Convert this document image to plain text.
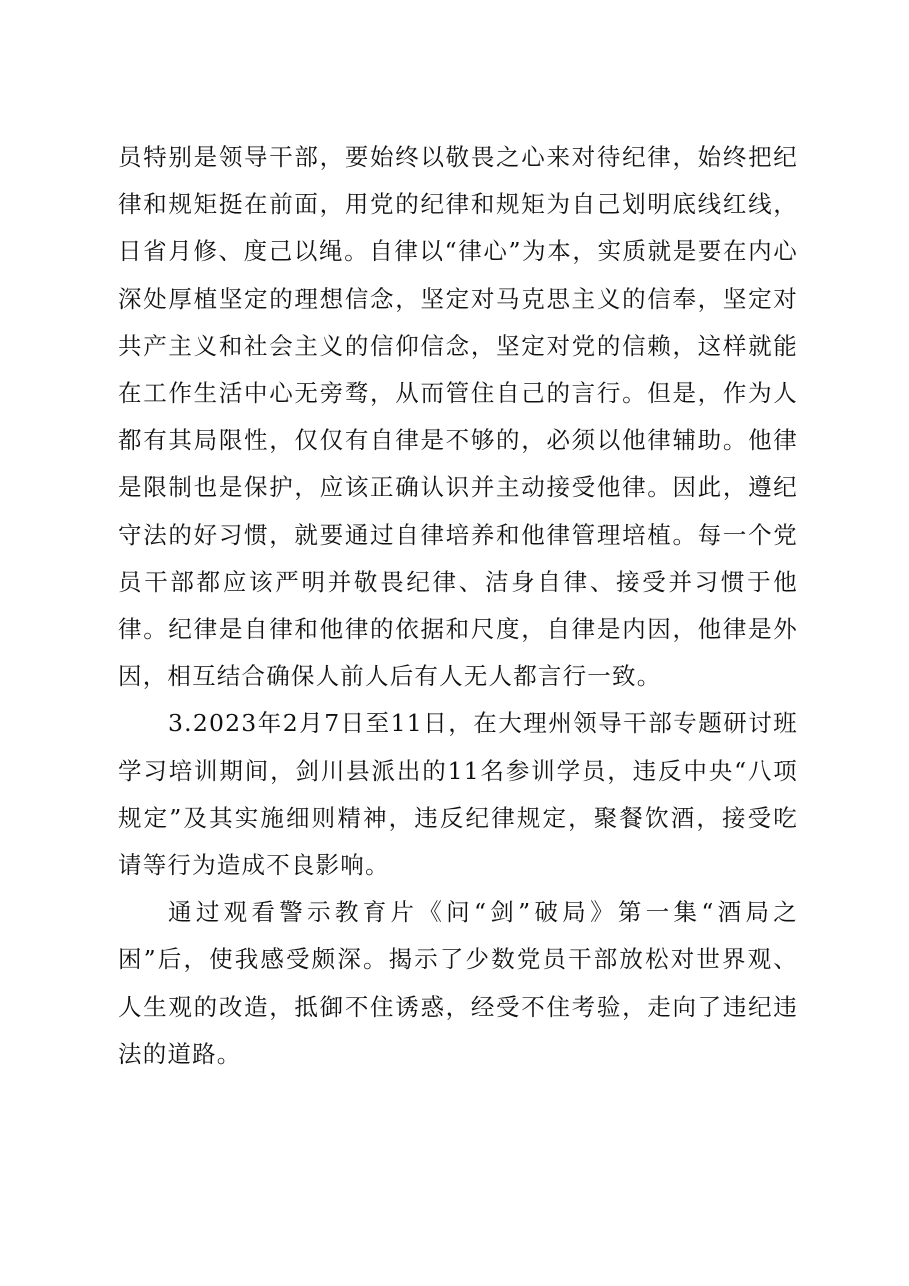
员特别是领导干部，要始终以敬畏之心来对待纪律，始终把纪律和规矩挺在前面，用党的纪律和规矩为自己划明底线红线，日省月修、度己以绳。自律以“律心”为本，实质就是要在内心深处厚植坚定的理想信念，坚定对马克思主义的信奉，坚定对共产主义和社会主义的信仰信念，坚定对党的信赖，这样就能在工作生活中心无旁骛，从而管住自己的言行。但是，作为人都有其局限性，仅仅有自律是不够的，必须以他律辅助。他律是限制也是保护，应该正确认识并主动接受他律。因此，遵纪守法的好习惯，就要通过自律培养和他律管理培植。每一个党员干部都应该严明并敬畏纪律、洁身自律、接受并习惯于他律。纪律是自律和他律的依据和尺度，自律是内因，他律是外因，相互结合确保人前人后有人无人都言行一致。

3.2023年2月7日至11日，在大理州领导干部专题研讨班学习培训期间，剑川县派出的11名参训学员，违反中央“八项规定”及其实施细则精神，违反纪律规定，聚餐饮酒，接受吃请等行为造成不良影响。

通过观看警示教育片《问“剑”破局》第一集“酒局之困”后，使我感受颇深。揭示了少数党员干部放松对世界观、人生观的改造，抵御不住诱惑，经受不住考验，走向了违纪违法的道路。
